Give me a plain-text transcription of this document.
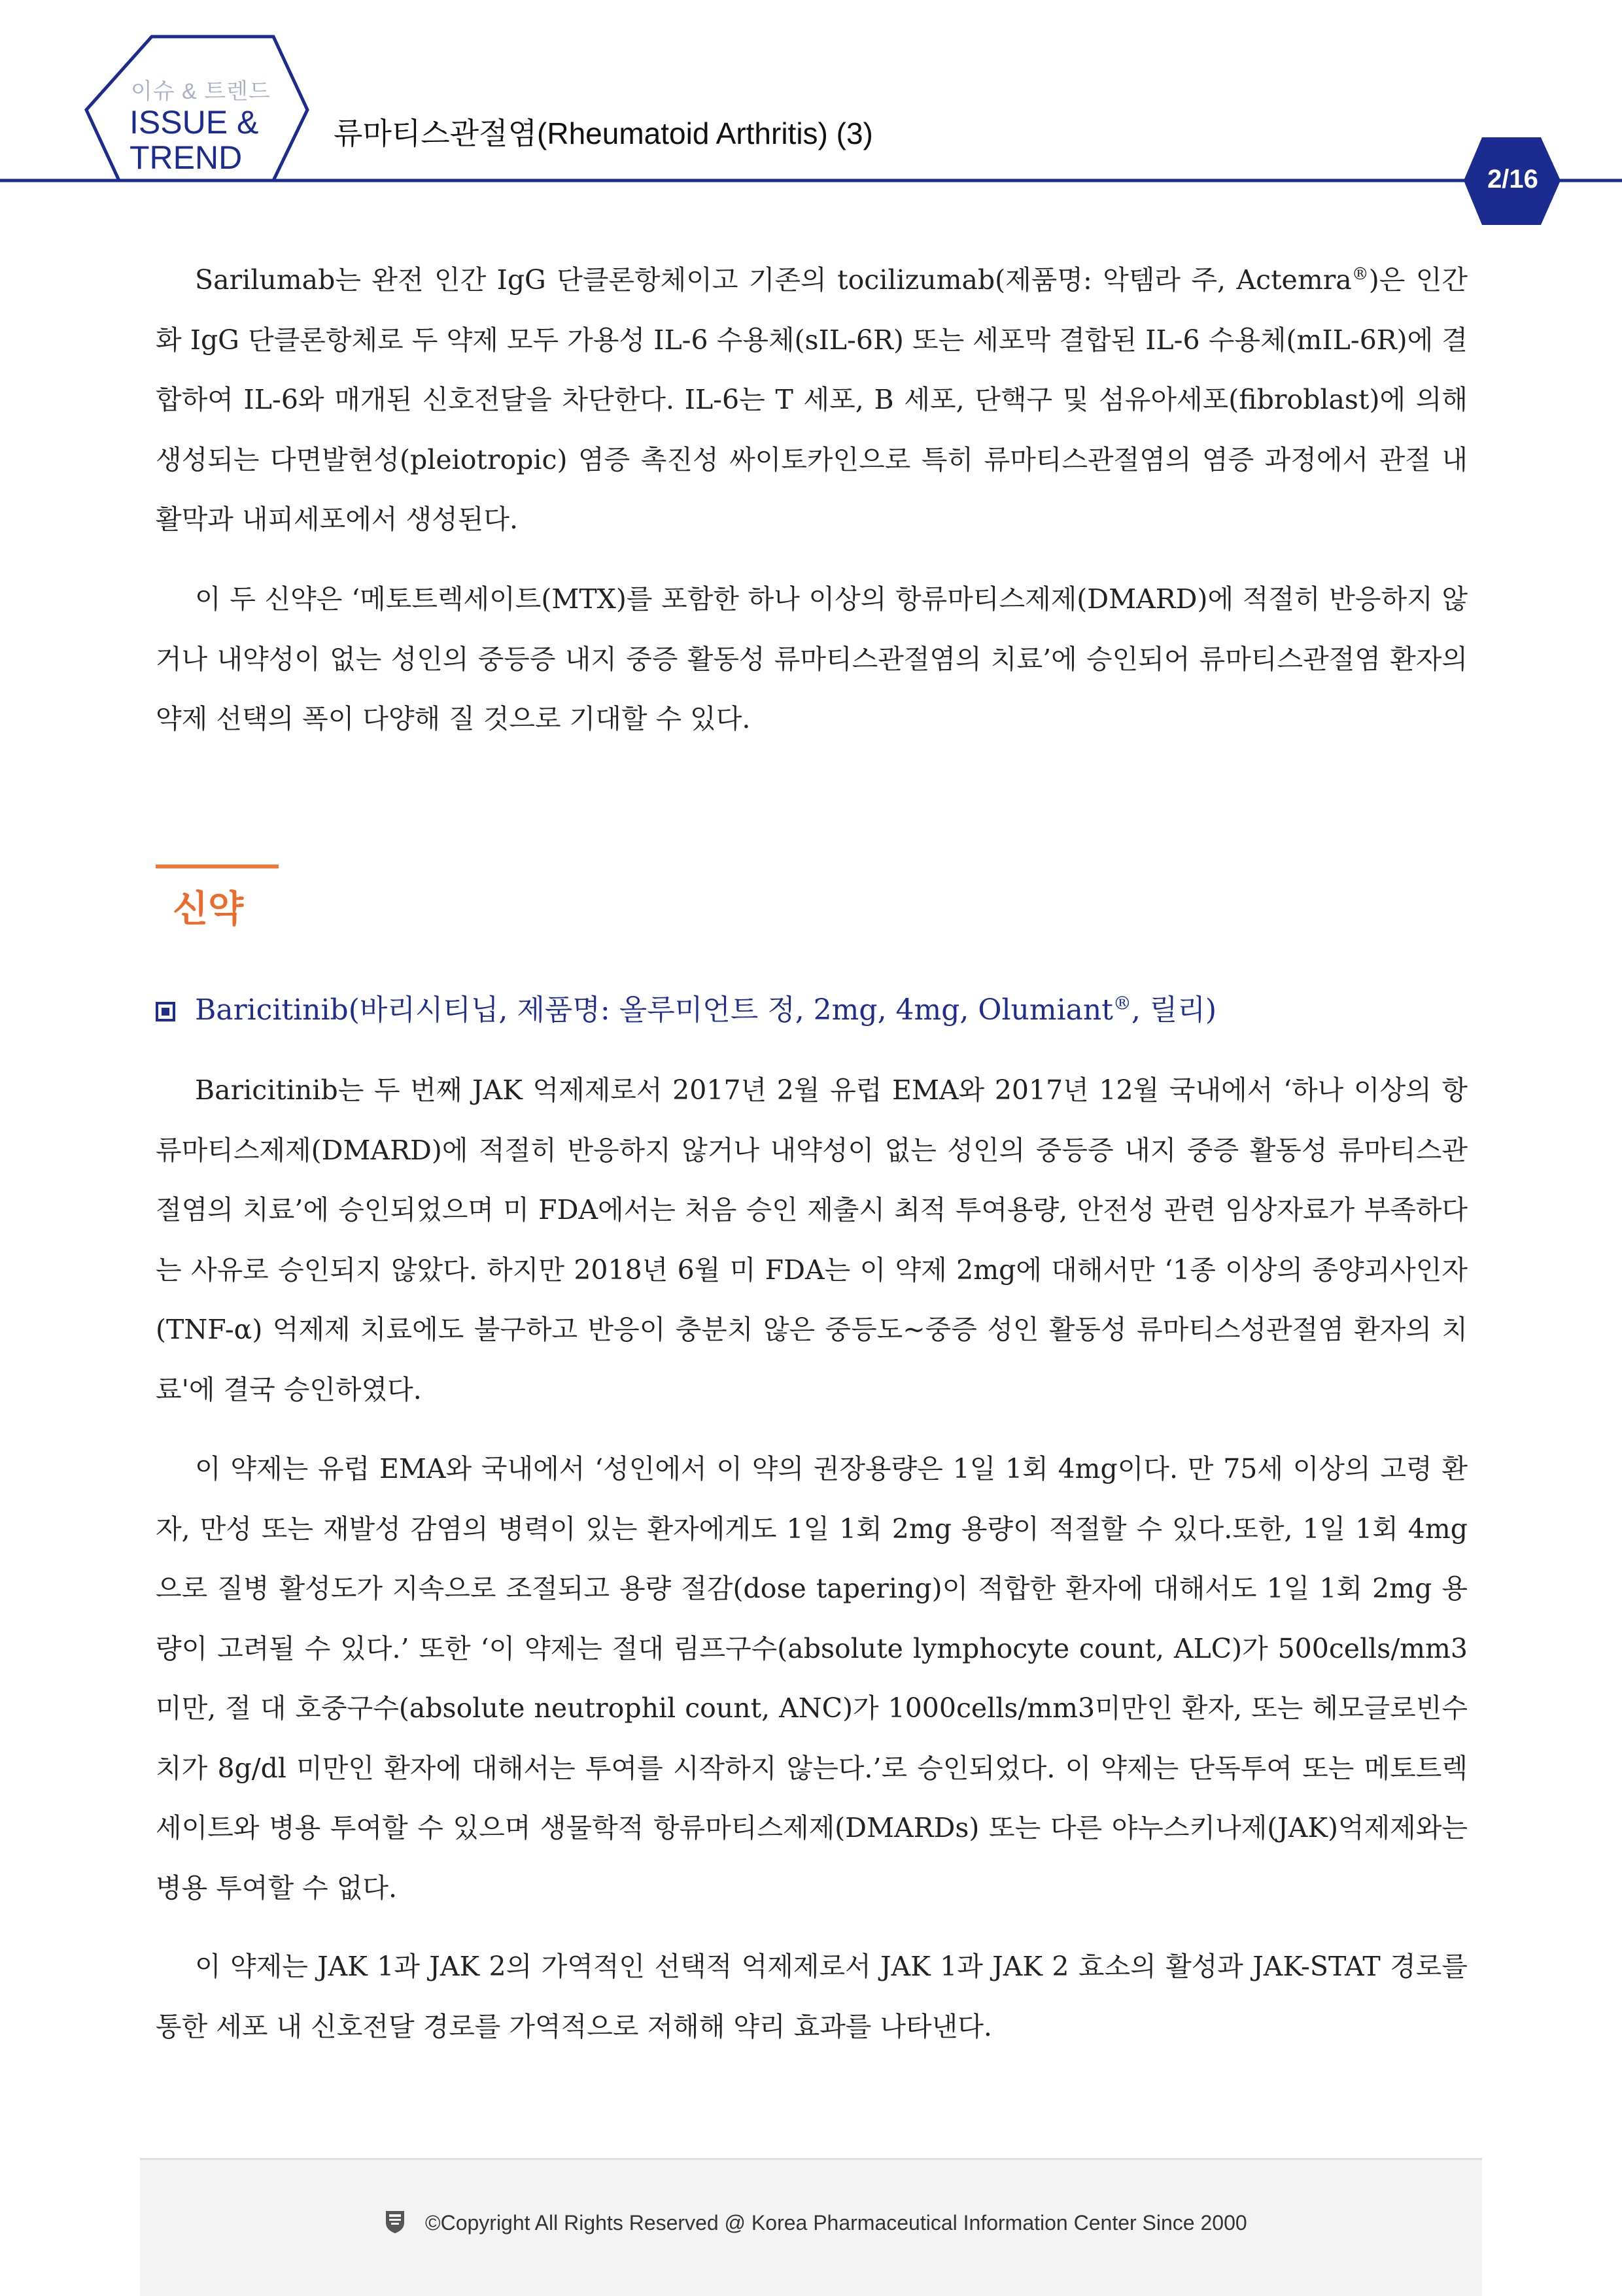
이슈 & 트렌드
ISSUE &
TREND
류마티스관절염(Rheumatoid Arthritis) (3)
2/16

Sarilumab는 완전 인간 IgG 단클론항체이고 기존의 tocilizumab(제품명: 악템라 주, Actemra®)은 인간화 IgG 단클론항체로 두 약제 모두 가용성 IL-6 수용체(sIL-6R) 또는 세포막 결합된 IL-6 수용체(mIL-6R)에 결합하여 IL-6와 매개된 신호전달을 차단한다. IL-6는 T 세포, B 세포, 단핵구 및 섬유아세포(fibroblast)에 의해 생성되는 다면발현성(pleiotropic) 염증 촉진성 싸이토카인으로 특히 류마티스관절염의 염증 과정에서 관절 내 활막과 내피세포에서 생성된다.

이 두 신약은 ‘메토트렉세이트(MTX)를 포함한 하나 이상의 항류마티스제제(DMARD)에 적절히 반응하지 않거나 내약성이 없는 성인의 중등증 내지 중증 활동성 류마티스관절염의 치료’에 승인되어 류마티스관절염 환자의 약제 선택의 폭이 다양해 질 것으로 기대할 수 있다.

신약
Baricitinib(바리시티닙, 제품명: 올루미언트 정, 2mg, 4mg, Olumiant®, 릴리)

Baricitinib는 두 번째 JAK 억제제로서 2017년 2월 유럽 EMA와 2017년 12월 국내에서 ‘하나 이상의 항류마티스제제(DMARD)에 적절히 반응하지 않거나 내약성이 없는 성인의 중등증 내지 중증 활동성 류마티스관절염의 치료’에 승인되었으며 미 FDA에서는 처음 승인 제출시 최적 투여용량, 안전성 관련 임상자료가 부족하다는 사유로 승인되지 않았다. 하지만 2018년 6월 미 FDA는 이 약제 2mg에 대해서만 ‘1종 이상의 종양괴사인자(TNF-α) 억제제 치료에도 불구하고 반응이 충분치 않은 중등도~중증 성인 활동성 류마티스성관절염 환자의 치료'에 결국 승인하였다.

이 약제는 유럽 EMA와 국내에서 ‘성인에서 이 약의 권장용량은 1일 1회 4mg이다. 만 75세 이상의 고령 환자, 만성 또는 재발성 감염의 병력이 있는 환자에게도 1일 1회 2mg 용량이 적절할 수 있다.또한, 1일 1회 4mg으로 질병 활성도가 지속으로 조절되고 용량 절감(dose tapering)이 적합한 환자에 대해서도 1일 1회 2mg 용량이 고려될 수 있다.’ 또한 ‘이 약제는 절대 림프구수(absolute lymphocyte count, ALC)가 500cells/mm3 미만, 절 대 호중구수(absolute neutrophil count, ANC)가 1000cells/mm3미만인 환자, 또는 헤모글로빈수치가 8g/dl 미만인 환자에 대해서는 투여를 시작하지 않는다.’로 승인되었다. 이 약제는 단독투여 또는 메토트렉세이트와 병용 투여할 수 있으며 생물학적 항류마티스제제(DMARDs) 또는 다른 야누스키나제(JAK)억제제와는 병용 투여할 수 없다.

이 약제는 JAK 1과 JAK 2의 가역적인 선택적 억제제로서 JAK 1과 JAK 2 효소의 활성과 JAK-STAT 경로를 통한 세포 내 신호전달 경로를 가역적으로 저해해 약리 효과를 나타낸다.

©Copyright All Rights Reserved @ Korea Pharmaceutical Information Center Since 2000
